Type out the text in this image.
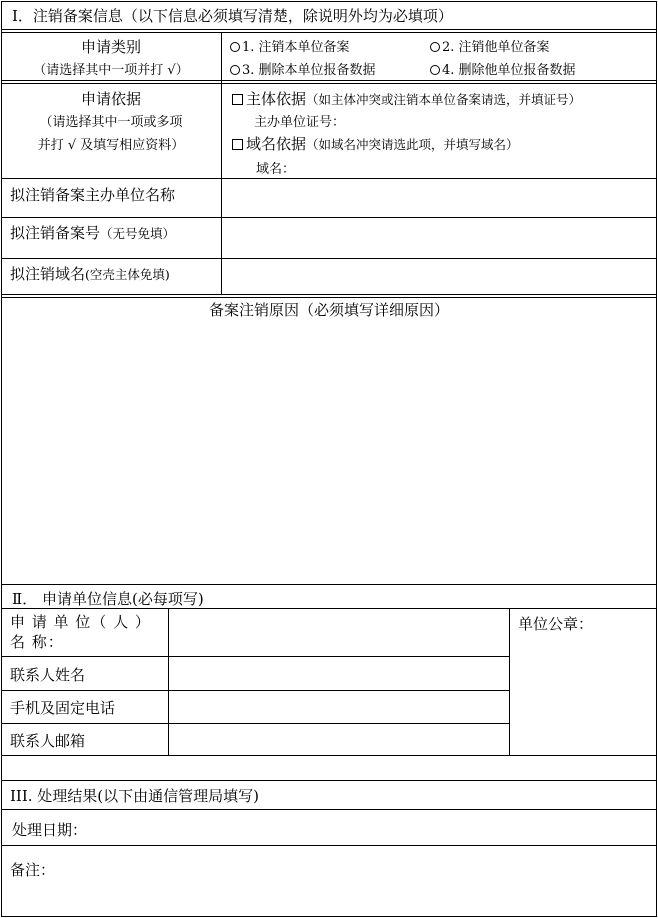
Ⅰ．注销备案信息（以下信息必须填写清楚，除说明外均为必填项）
申请类别
（请选择其中一项并打 √）
1. 注销本单位备案	2. 注销他单位备案
3. 删除本单位报备数据	4. 删除他单位报备数据
申请依据
（请选择其中一项或多项
并打 √ 及填写相应资料）
主体依据（如主体冲突或注销本单位备案请选，并填证号）
主办单位证号：
域名依据（如域名冲突请选此项，并填写域名）
域名：
拟注销备案主办单位名称
拟注销备案号（无号免填）
拟注销域名(空壳主体免填)
备案注销原因（必须填写详细原因）
Ⅱ． 申请单位信息(必每项写)
申 请 单 位（ 人 ）名 称：
联系人姓名
手机及固定电话
联系人邮箱
单位公章：
III. 处理结果(以下由通信管理局填写)
处理日期：
备注：
